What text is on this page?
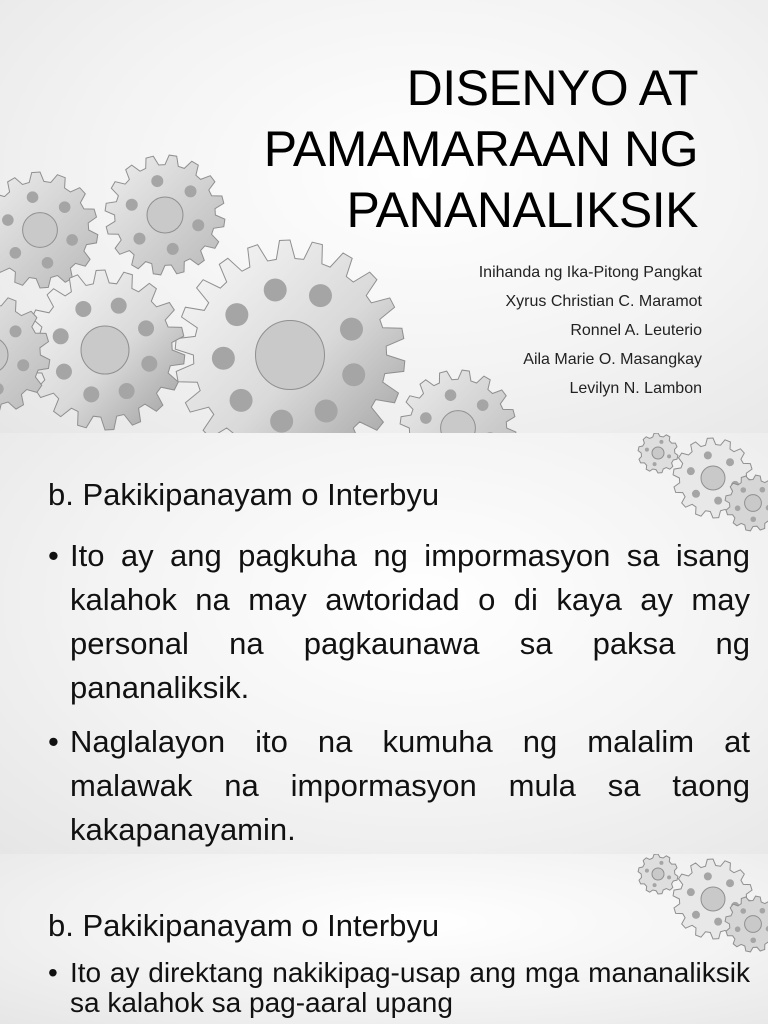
DISENYO AT
PAMAMARAAN NG
PANANALIKSIK
Inihanda ng Ika-Pitong Pangkat
Xyrus Christian C. Maramot
Ronnel A. Leuterio
Aila Marie O. Masangkay
Levilyn N. Lambon
b. Pakikipanayam o Interbyu
• Ito ay ang pagkuha ng impormasyon sa isang kalahok na may awtoridad o di kaya ay may personal na pagkaunawa sa paksa ng pananaliksik.
• Naglalayon ito na kumuha ng malalim at malawak na impormasyon mula sa taong kakapanayamin.
b. Pakikipanayam o Interbyu
• Ito ay direktang nakikipag-usap ang mga mananaliksik sa kalahok sa pag-aaral upang
